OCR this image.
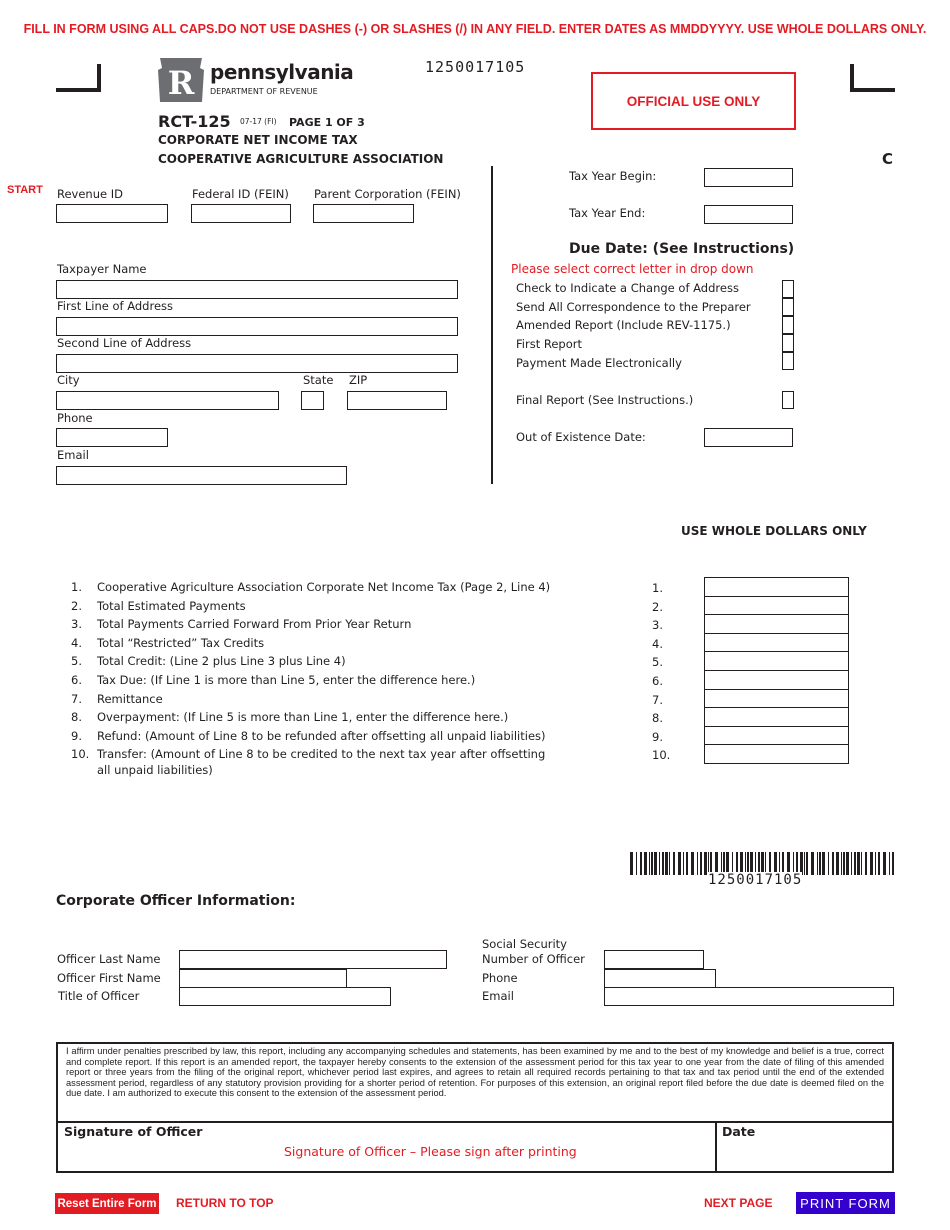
FILL IN FORM USING ALL CAPS.DO NOT USE DASHES (-) OR SLASHES (/) IN ANY FIELD. ENTER DATES AS MMDDYYYY. USE WHOLE DOLLARS ONLY.
R pennsylvania
DEPARTMENT OF REVENUE
1250017105
OFFICIAL USE ONLY
RCT-125 07-17 (FI) PAGE 1 OF 3
CORPORATE NET INCOME TAX
COOPERATIVE AGRICULTURE ASSOCIATION	C
START Revenue ID	Federal ID (FEIN) Parent Corporation (FEIN)
Taxpayer Name
First Line of Address
Second Line of Address
City	State ZIP
Phone
Email
Tax Year Begin:
Tax Year End:
Due Date: (See Instructions)
Please select correct letter in drop down
Check to Indicate a Change of Address
Send All Correspondence to the Preparer
Amended Report (Include REV-1175.)
First Report
Payment Made Electronically
Final Report (See Instructions.)
Out of Existence Date:
USE WHOLE DOLLARS ONLY
1. Cooperative Agriculture Association Corporate Net Income Tax (Page 2, Line 4)	1.
2. Total Estimated Payments	2.
3. Total Payments Carried Forward From Prior Year Return	3.
4. Total “Restricted” Tax Credits	4.
5. Total Credit: (Line 2 plus Line 3 plus Line 4)	5.
6. Tax Due: (If Line 1 is more than Line 5, enter the difference here.)	6.
7. Remittance	7.
8. Overpayment: (If Line 5 is more than Line 1, enter the difference here.)	8.
9. Refund: (Amount of Line 8 to be refunded after offsetting all unpaid liabilities)	9.
10. Transfer: (Amount of Line 8 to be credited to the next tax year after offsetting	10.
all unpaid liabilities)
1250017105
Corporate Officer Information:
Officer Last Name
Officer First Name
Title of Officer
Social Security
Number of Officer
Phone
Email
I affirm under penalties prescribed by law, this report, including any accompanying schedules and statements, has been examined by me and to the best of my knowledge and belief is a true, correct and complete report. If this report is an amended report, the taxpayer hereby consents to the extension of the assessment period for this tax year to one year from the date of filing of this amended report or three years from the filing of the original report, whichever period last expires, and agrees to retain all required records pertaining to that tax and tax period until the end of the extended assessment period, regardless of any statutory provision providing for a shorter period of retention. For purposes of this extension, an original report filed before the due date is deemed filed on the due date. I am authorized to execute this consent to the extension of the assessment period.
Signature of Officer
Signature of Officer – Please sign after printing
Date
Reset Entire Form RETURN TO TOP	NEXT PAGE	PRINT FORM
